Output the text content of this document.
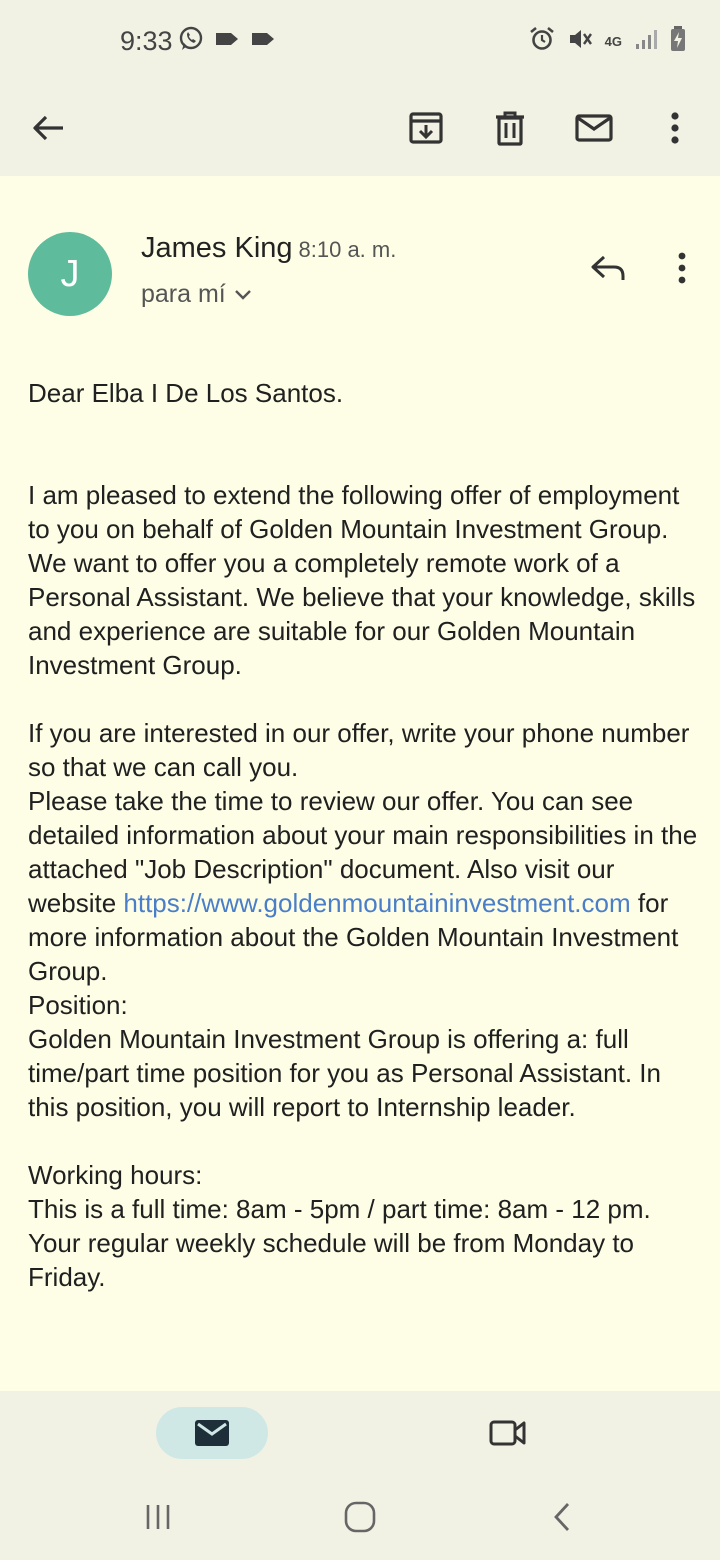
9:33	4G
J
James King 8:10 a. m.
para mí

Dear Elba I De Los Santos.

I am pleased to extend the following offer of employment to you on behalf of Golden Mountain Investment Group. We want to offer you a completely remote work of a Personal Assistant. We believe that your knowledge, skills and experience are suitable for our Golden Mountain Investment Group.

If you are interested in our offer, write your phone number so that we can call you.

Please take the time to review our offer. You can see detailed information about your main responsibilities in the attached "Job Description" document. Also visit our website https://www.goldenmountaininvestment.com for more information about the Golden Mountain Investment Group.

Position:

Golden Mountain Investment Group is offering a: full time/part time position for you as Personal Assistant. In this position, you will report to Internship leader.

Working hours:

This is a full time: 8am - 5pm / part time: 8am - 12 pm. Your regular weekly schedule will be from Monday to Friday.
